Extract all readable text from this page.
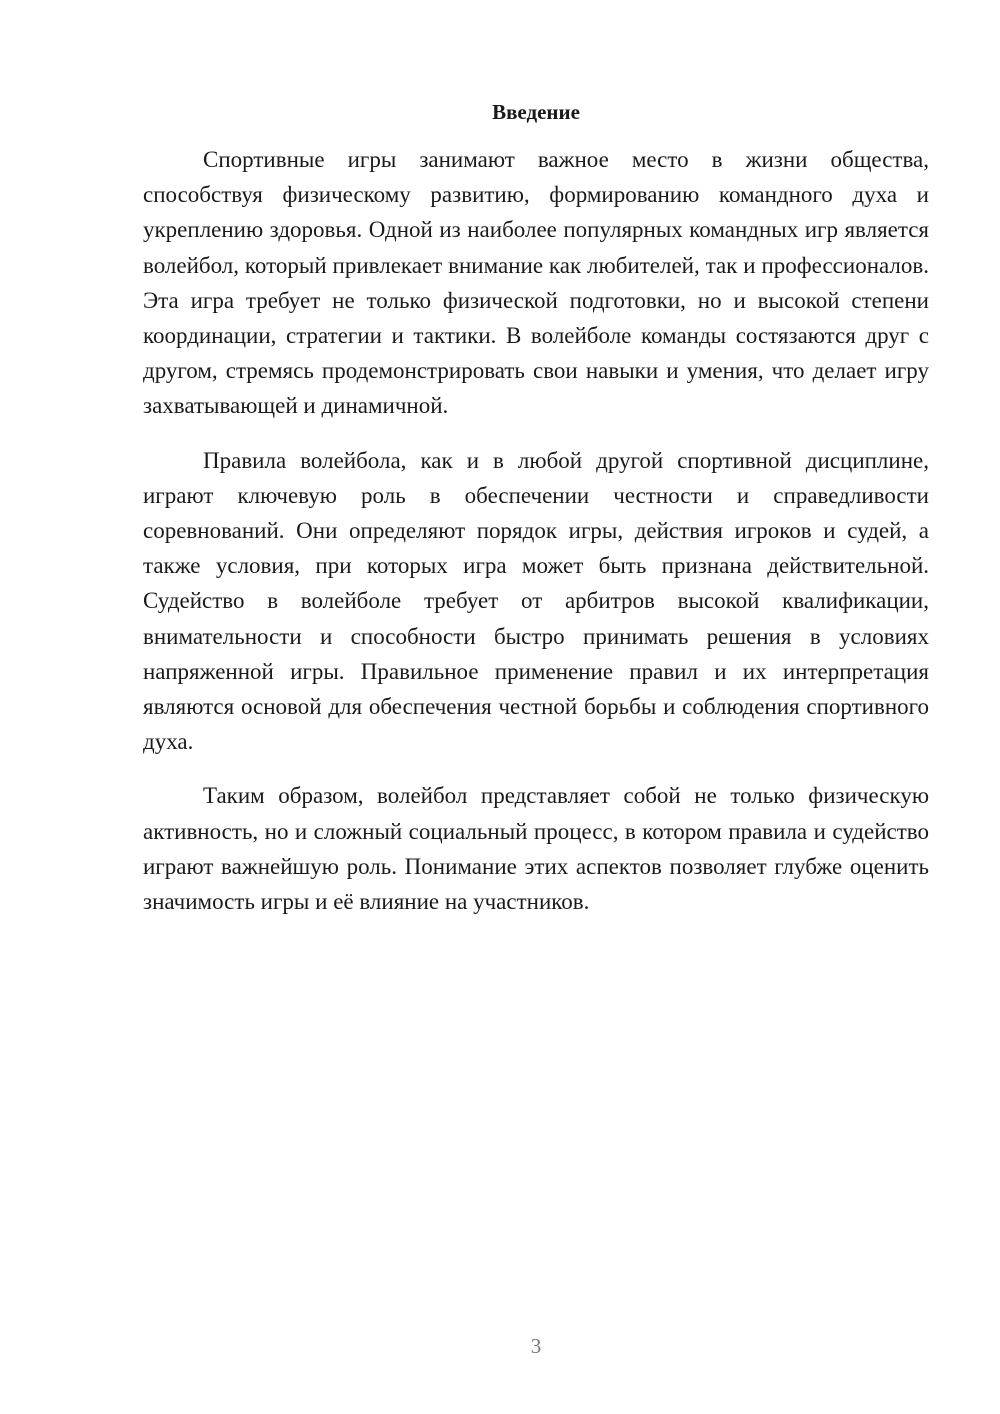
Введение

Спортивные игры занимают важное место в жизни общества, способствуя физическому развитию, формированию командного духа и укреплению здоровья. Одной из наиболее популярных командных игр является волейбол, который привлекает внимание как любителей, так и профессионалов. Эта игра требует не только физической подготовки, но и высокой степени координации, стратегии и тактики. В волейболе команды состязаются друг с другом, стремясь продемонстрировать свои навыки и умения, что делает игру захватывающей и динамичной.

Правила волейбола, как и в любой другой спортивной дисциплине, играют ключевую роль в обеспечении честности и справедливости соревнований. Они определяют порядок игры, действия игроков и судей, а также условия, при которых игра может быть признана действительной. Судейство в волейболе требует от арбитров высокой квалификации, внимательности и способности быстро принимать решения в условиях напряженной игры. Правильное применение правил и их интерпретация являются основой для обеспечения честной борьбы и соблюдения спортивного духа.

Таким образом, волейбол представляет собой не только физическую активность, но и сложный социальный процесс, в котором правила и судейство играют важнейшую роль. Понимание этих аспектов позволяет глубже оценить значимость игры и её влияние на участников.

3
